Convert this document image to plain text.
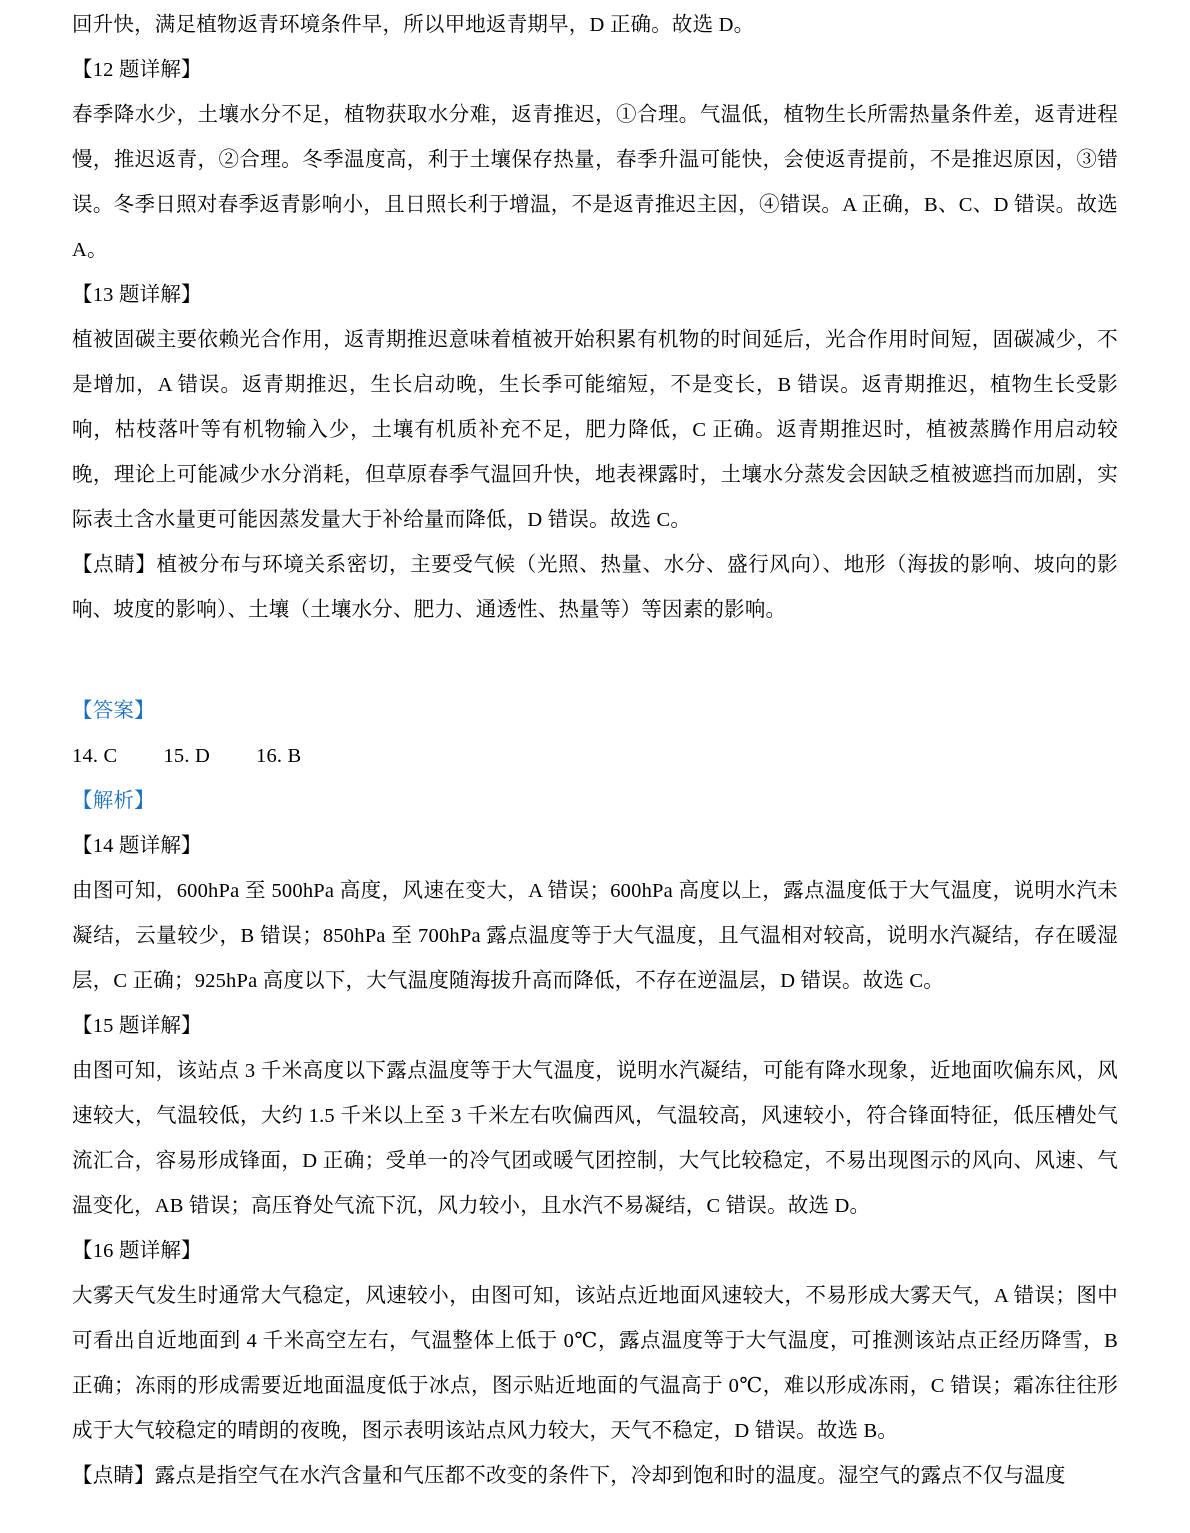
回升快，满足植物返青环境条件早，所以甲地返青期早，D 正确。故选 D。

【12 题详解】

春季降水少，土壤水分不足，植物获取水分难，返青推迟，①合理。气温低，植物生长所需热量条件差，返青进程慢，推迟返青，②合理。冬季温度高，利于土壤保存热量，春季升温可能快，会使返青提前，不是推迟原因，③错误。冬季日照对春季返青影响小，且日照长利于增温，不是返青推迟主因，④错误。A 正确，B、C、D 错误。故选 A。

【13 题详解】

植被固碳主要依赖光合作用，返青期推迟意味着植被开始积累有机物的时间延后，光合作用时间短，固碳减少，不是增加，A 错误。返青期推迟，生长启动晚，生长季可能缩短，不是变长，B 错误。返青期推迟，植物生长受影响，枯枝落叶等有机物输入少，土壤有机质补充不足，肥力降低，C 正确。返青期推迟时，植被蒸腾作用启动较晚，理论上可能减少水分消耗，但草原春季气温回升快，地表裸露时，土壤水分蒸发会因缺乏植被遮挡而加剧，实际表土含水量更可能因蒸发量大于补给量而降低，D 错误。故选 C。

【点睛】植被分布与环境关系密切，主要受气候（光照、热量、水分、盛行风向）、地形（海拔的影响、坡向的影响、坡度的影响）、土壤（土壤水分、肥力、通透性、热量等）等因素的影响。

【答案】

14. C 15. D 16. B

【解析】

【14 题详解】

由图可知，600hPa 至 500hPa 高度，风速在变大，A 错误；600hPa 高度以上，露点温度低于大气温度，说明水汽未凝结，云量较少，B 错误；850hPa 至 700hPa 露点温度等于大气温度，且气温相对较高，说明水汽凝结，存在暖湿层，C 正确；925hPa 高度以下，大气温度随海拔升高而降低，不存在逆温层，D 错误。故选 C。

【15 题详解】

由图可知，该站点 3 千米高度以下露点温度等于大气温度，说明水汽凝结，可能有降水现象，近地面吹偏东风，风速较大，气温较低，大约 1.5 千米以上至 3 千米左右吹偏西风，气温较高，风速较小，符合锋面特征，低压槽处气流汇合，容易形成锋面，D 正确；受单一的冷气团或暖气团控制，大气比较稳定，不易出现图示的风向、风速、气温变化，AB 错误；高压脊处气流下沉，风力较小，且水汽不易凝结，C 错误。故选 D。

【16 题详解】

大雾天气发生时通常大气稳定，风速较小，由图可知，该站点近地面风速较大，不易形成大雾天气，A 错误；图中可看出自近地面到 4 千米高空左右，气温整体上低于 0℃，露点温度等于大气温度，可推测该站点正经历降雪，B 正确；冻雨的形成需要近地面温度低于冰点，图示贴近地面的气温高于 0℃，难以形成冻雨，C 错误；霜冻往往形成于大气较稳定的晴朗的夜晚，图示表明该站点风力较大，天气不稳定，D 错误。故选 B。

【点睛】露点是指空气在水汽含量和气压都不改变的条件下，冷却到饱和时的温度。湿空气的露点不仅与温度
